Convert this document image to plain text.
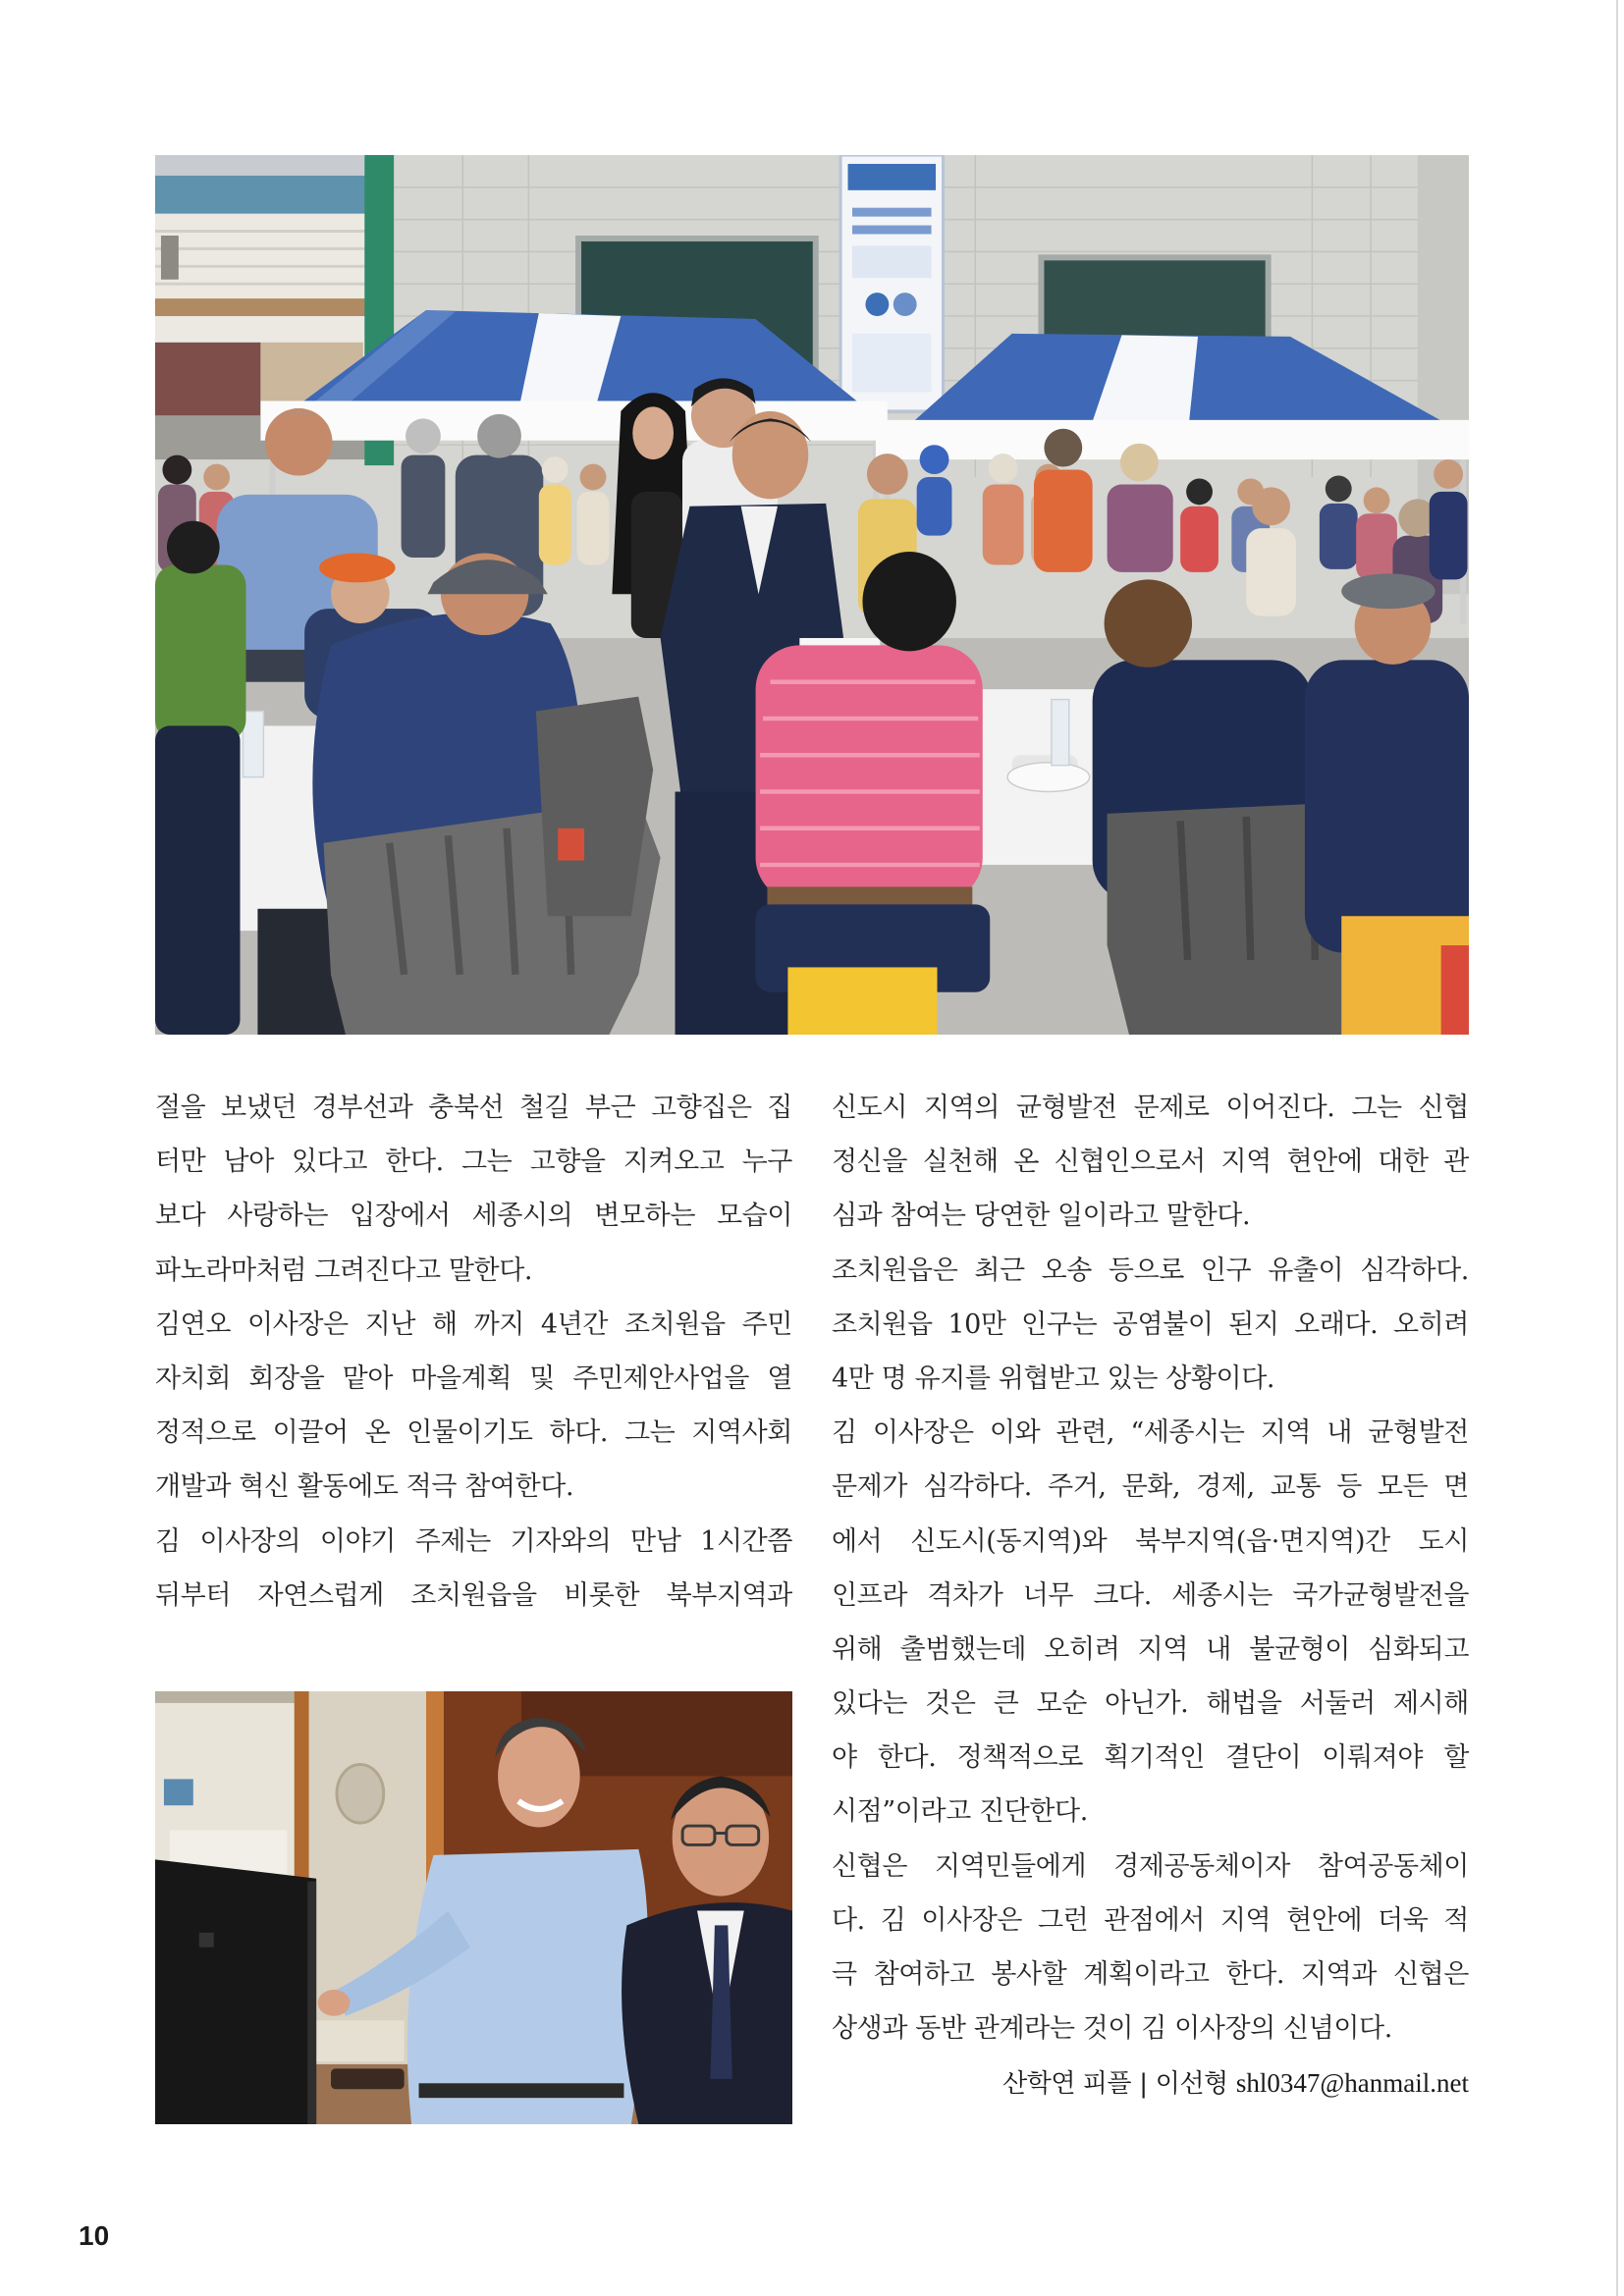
절을 보냈던 경부선과 충북선 철길 부근 고향집은 집
터만 남아 있다고 한다. 그는 고향을 지켜오고 누구
보다 사랑하는 입장에서 세종시의 변모하는 모습이
파노라마처럼 그려진다고 말한다.
김연오 이사장은 지난 해 까지 4년간 조치원읍 주민
자치회 회장을 맡아 마을계획 및 주민제안사업을 열
정적으로 이끌어 온 인물이기도 하다. 그는 지역사회
개발과 혁신 활동에도 적극 참여한다.
김 이사장의 이야기 주제는 기자와의 만남 1시간쯤
뒤부터 자연스럽게 조치원읍을 비롯한 북부지역과
신도시 지역의 균형발전 문제로 이어진다. 그는 신협
정신을 실천해 온 신협인으로서 지역 현안에 대한 관
심과 참여는 당연한 일이라고 말한다.
조치원읍은 최근 오송 등으로 인구 유출이 심각하다.
조치원읍 10만 인구는 공염불이 된지 오래다. 오히려
4만 명 유지를 위협받고 있는 상황이다.
김 이사장은 이와 관련, “세종시는 지역 내 균형발전
문제가 심각하다. 주거, 문화, 경제, 교통 등 모든 면
에서 신도시(동지역)와 북부지역(읍·면지역)간 도시
인프라 격차가 너무 크다. 세종시는 국가균형발전을
위해 출범했는데 오히려 지역 내 불균형이 심화되고
있다는 것은 큰 모순 아닌가. 해법을 서둘러 제시해
야 한다. 정책적으로 획기적인 결단이 이뤄져야 할
시점”이라고 진단한다.
신협은 지역민들에게 경제공동체이자 참여공동체이
다. 김 이사장은 그런 관점에서 지역 현안에 더욱 적
극 참여하고 봉사할 계획이라고 한다. 지역과 신협은
상생과 동반 관계라는 것이 김 이사장의 신념이다.
산학연 피플 | 이선형 shl0347@hanmail.net
10
